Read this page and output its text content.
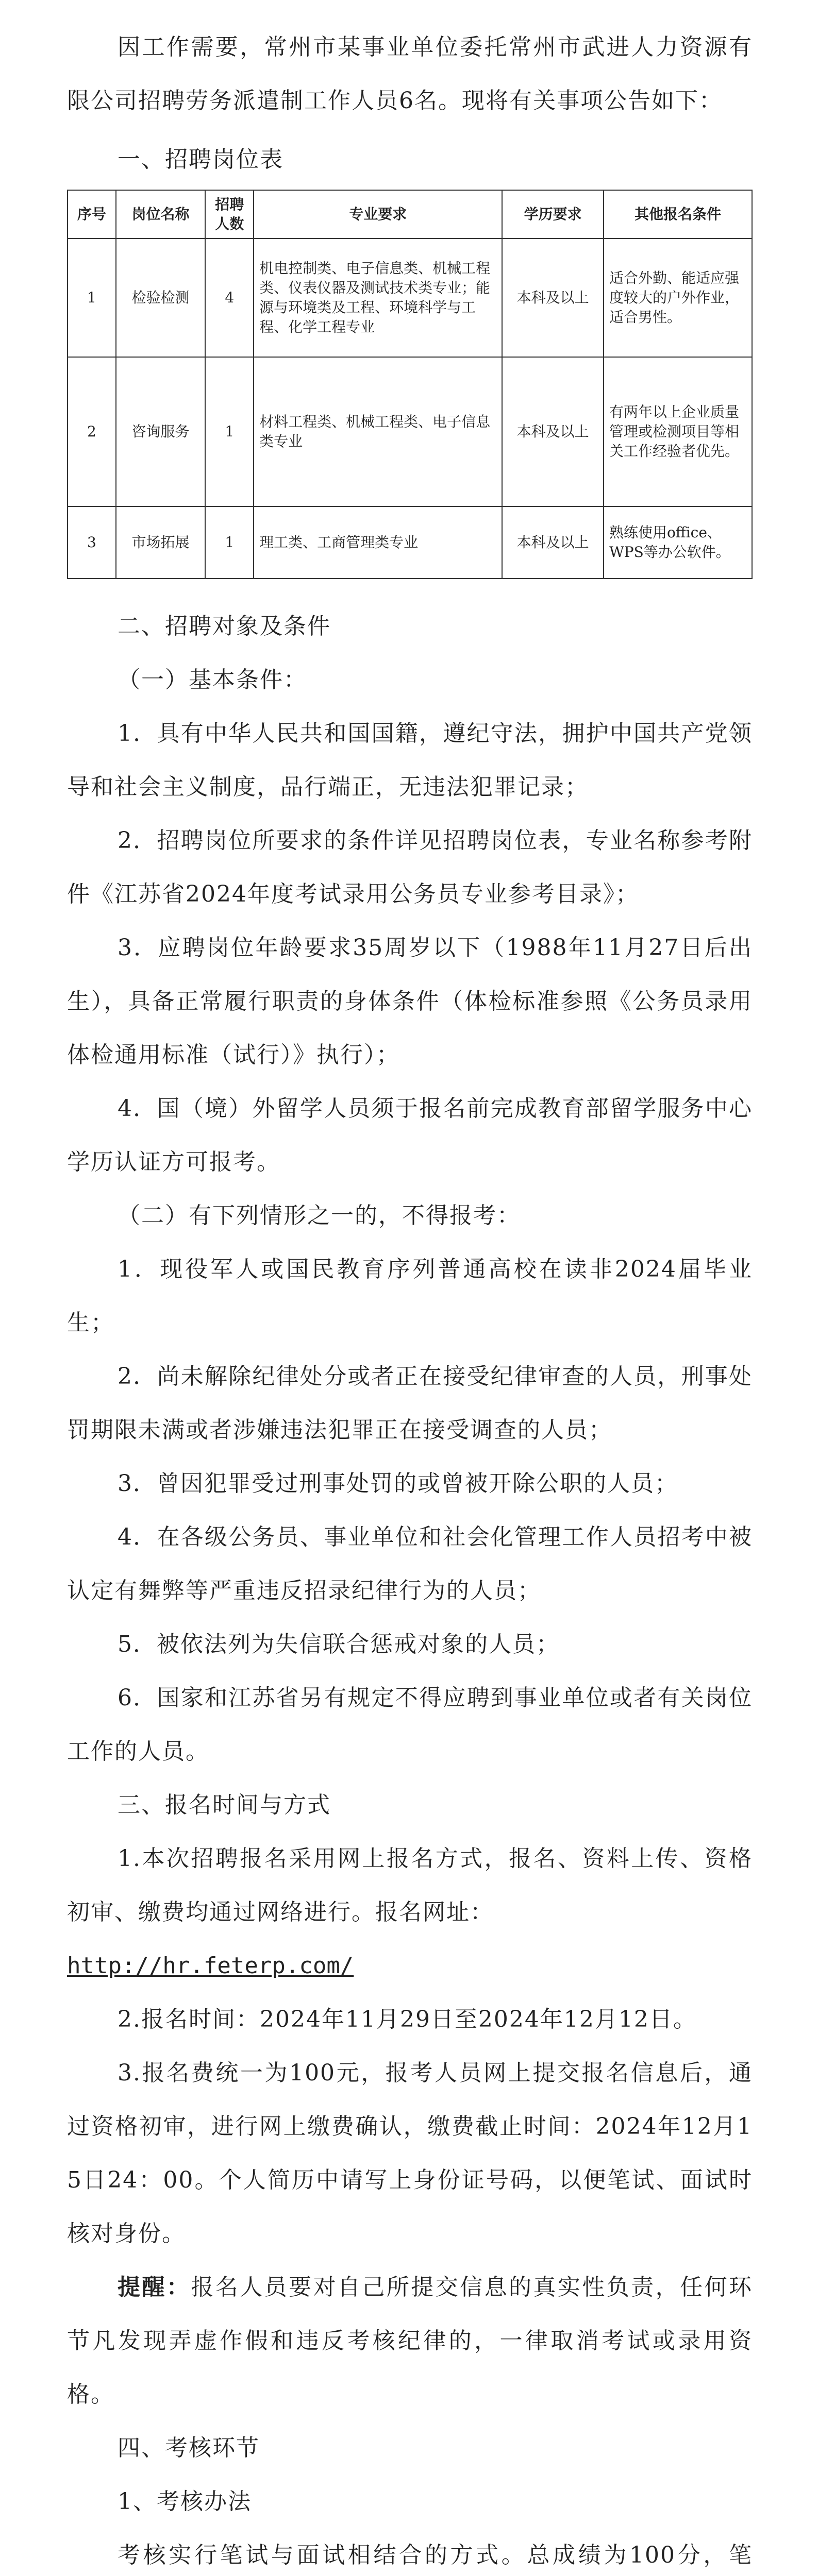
因工作需要，常州市某事业单位委托常州市武进人力资源有限公司招聘劳务派遣制工作人员6名。现将有关事项公告如下：

一、招聘岗位表

序号	岗位名称	招聘人数	专业要求	学历要求	其他报名条件
1	检验检测	4	机电控制类、电子信息类、机械工程类、仪表仪器及测试技术类专业；能源与环境类及工程、环境科学与工程、化学工程专业	本科及以上	适合外勤、能适应强度较大的户外作业，适合男性。
2	咨询服务	1	材料工程类、机械工程类、电子信息类专业	本科及以上	有两年以上企业质量管理或检测项目等相关工作经验者优先。
3	市场拓展	1	理工类、工商管理类专业	本科及以上	熟练使用office、WPS等办公软件。

二、招聘对象及条件

（一）基本条件：

1．具有中华人民共和国国籍，遵纪守法，拥护中国共产党领导和社会主义制度，品行端正，无违法犯罪记录；

2．招聘岗位所要求的条件详见招聘岗位表，专业名称参考附件《江苏省2024年度考试录用公务员专业参考目录》；

3．应聘岗位年龄要求35周岁以下（1988年11月27日后出生），具备正常履行职责的身体条件（体检标准参照《公务员录用体检通用标准（试行）》执行）；

4．国（境）外留学人员须于报名前完成教育部留学服务中心学历认证方可报考。

（二）有下列情形之一的，不得报考：

1．现役军人或国民教育序列普通高校在读非2024届毕业生；

2．尚未解除纪律处分或者正在接受纪律审查的人员，刑事处罚期限未满或者涉嫌违法犯罪正在接受调查的人员；

3．曾因犯罪受过刑事处罚的或曾被开除公职的人员；

4．在各级公务员、事业单位和社会化管理工作人员招考中被认定有舞弊等严重违反招录纪律行为的人员；

5．被依法列为失信联合惩戒对象的人员；

6．国家和江苏省另有规定不得应聘到事业单位或者有关岗位工作的人员。

三、报名时间与方式

1.本次招聘报名采用网上报名方式，报名、资料上传、资格初审、缴费均通过网络进行。报名网址：

http://hr.feterp.com/

2.报名时间：2024年11月29日至2024年12月12日。

3.报名费统一为100元，报考人员网上提交报名信息后，通过资格初审，进行网上缴费确认，缴费截止时间：2024年12月15日24：00。个人简历中请写上身份证号码，以便笔试、面试时核对身份。

提醒：报名人员要对自己所提交信息的真实性负责，任何环节凡发现弄虚作假和违反考核纪律的，一律取消考试或录用资格。

四、考核环节

1、考核办法

考核实行笔试与面试相结合的方式。总成绩为100分，笔
